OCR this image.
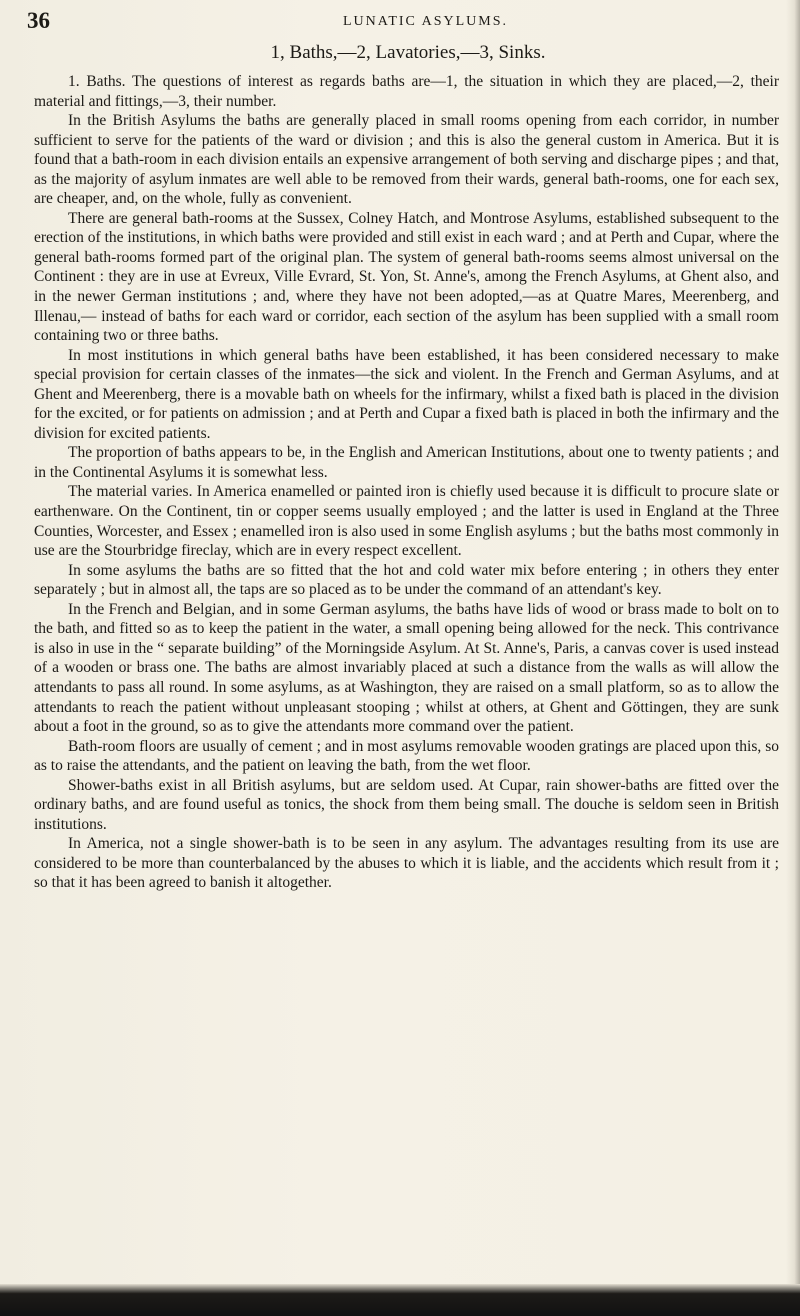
36	LUNATIC ASYLUMS.
1, Baths,—2, Lavatories,—3, Sinks.

1. Baths. The questions of interest as regards baths are—1, the situation in which they are placed,—2, their material and fittings,—3, their number.

In the British Asylums the baths are generally placed in small rooms opening from each corridor, in number sufficient to serve for the patients of the ward or division ; and this is also the general custom in America. But it is found that a bath-room in each division entails an expensive arrangement of both serving and discharge pipes ; and that, as the majority of asylum inmates are well able to be removed from their wards, general bath-rooms, one for each sex, are cheaper, and, on the whole, fully as convenient.

There are general bath-rooms at the Sussex, Colney Hatch, and Montrose Asylums, established subsequent to the erection of the institutions, in which baths were provided and still exist in each ward ; and at Perth and Cupar, where the general bath-rooms formed part of the original plan. The system of general bath-rooms seems almost universal on the Continent : they are in use at Evreux, Ville Evrard, St. Yon, St. Anne's, among the French Asylums, at Ghent also, and in the newer German institutions ; and, where they have not been adopted,—as at Quatre Mares, Meerenberg, and Illenau,— instead of baths for each ward or corridor, each section of the asylum has been supplied with a small room containing two or three baths.

In most institutions in which general baths have been established, it has been considered necessary to make special provision for certain classes of the inmates—the sick and violent. In the French and German Asylums, and at Ghent and Meerenberg, there is a movable bath on wheels for the infirmary, whilst a fixed bath is placed in the division for the excited, or for patients on admission ; and at Perth and Cupar a fixed bath is placed in both the infirmary and the division for excited patients.

The proportion of baths appears to be, in the English and American Institutions, about one to twenty patients ; and in the Continental Asylums it is somewhat less.

The material varies. In America enamelled or painted iron is chiefly used because it is difficult to procure slate or earthenware. On the Continent, tin or copper seems usually employed ; and the latter is used in England at the Three Counties, Worcester, and Essex ; enamelled iron is also used in some English asylums ; but the baths most commonly in use are the Stourbridge fireclay, which are in every respect excellent.

In some asylums the baths are so fitted that the hot and cold water mix before entering ; in others they enter separately ; but in almost all, the taps are so placed as to be under the command of an attendant's key.

In the French and Belgian, and in some German asylums, the baths have lids of wood or brass made to bolt on to the bath, and fitted so as to keep the patient in the water, a small opening being allowed for the neck. This contrivance is also in use in the “ separate building” of the Morningside Asylum. At St. Anne's, Paris, a canvas cover is used instead of a wooden or brass one. The baths are almost invariably placed at such a distance from the walls as will allow the attendants to pass all round. In some asylums, as at Washington, they are raised on a small platform, so as to allow the attendants to reach the patient without unpleasant stooping ; whilst at others, at Ghent and Göttingen, they are sunk about a foot in the ground, so as to give the attendants more command over the patient.

Bath-room floors are usually of cement ; and in most asylums removable wooden gratings are placed upon this, so as to raise the attendants, and the patient on leaving the bath, from the wet floor.

Shower-baths exist in all British asylums, but are seldom used. At Cupar, rain shower-baths are fitted over the ordinary baths, and are found useful as tonics, the shock from them being small. The douche is seldom seen in British institutions.

In America, not a single shower-bath is to be seen in any asylum. The advantages resulting from its use are considered to be more than counterbalanced by the abuses to which it is liable, and the accidents which result from it ; so that it has been agreed to banish it altogether.
